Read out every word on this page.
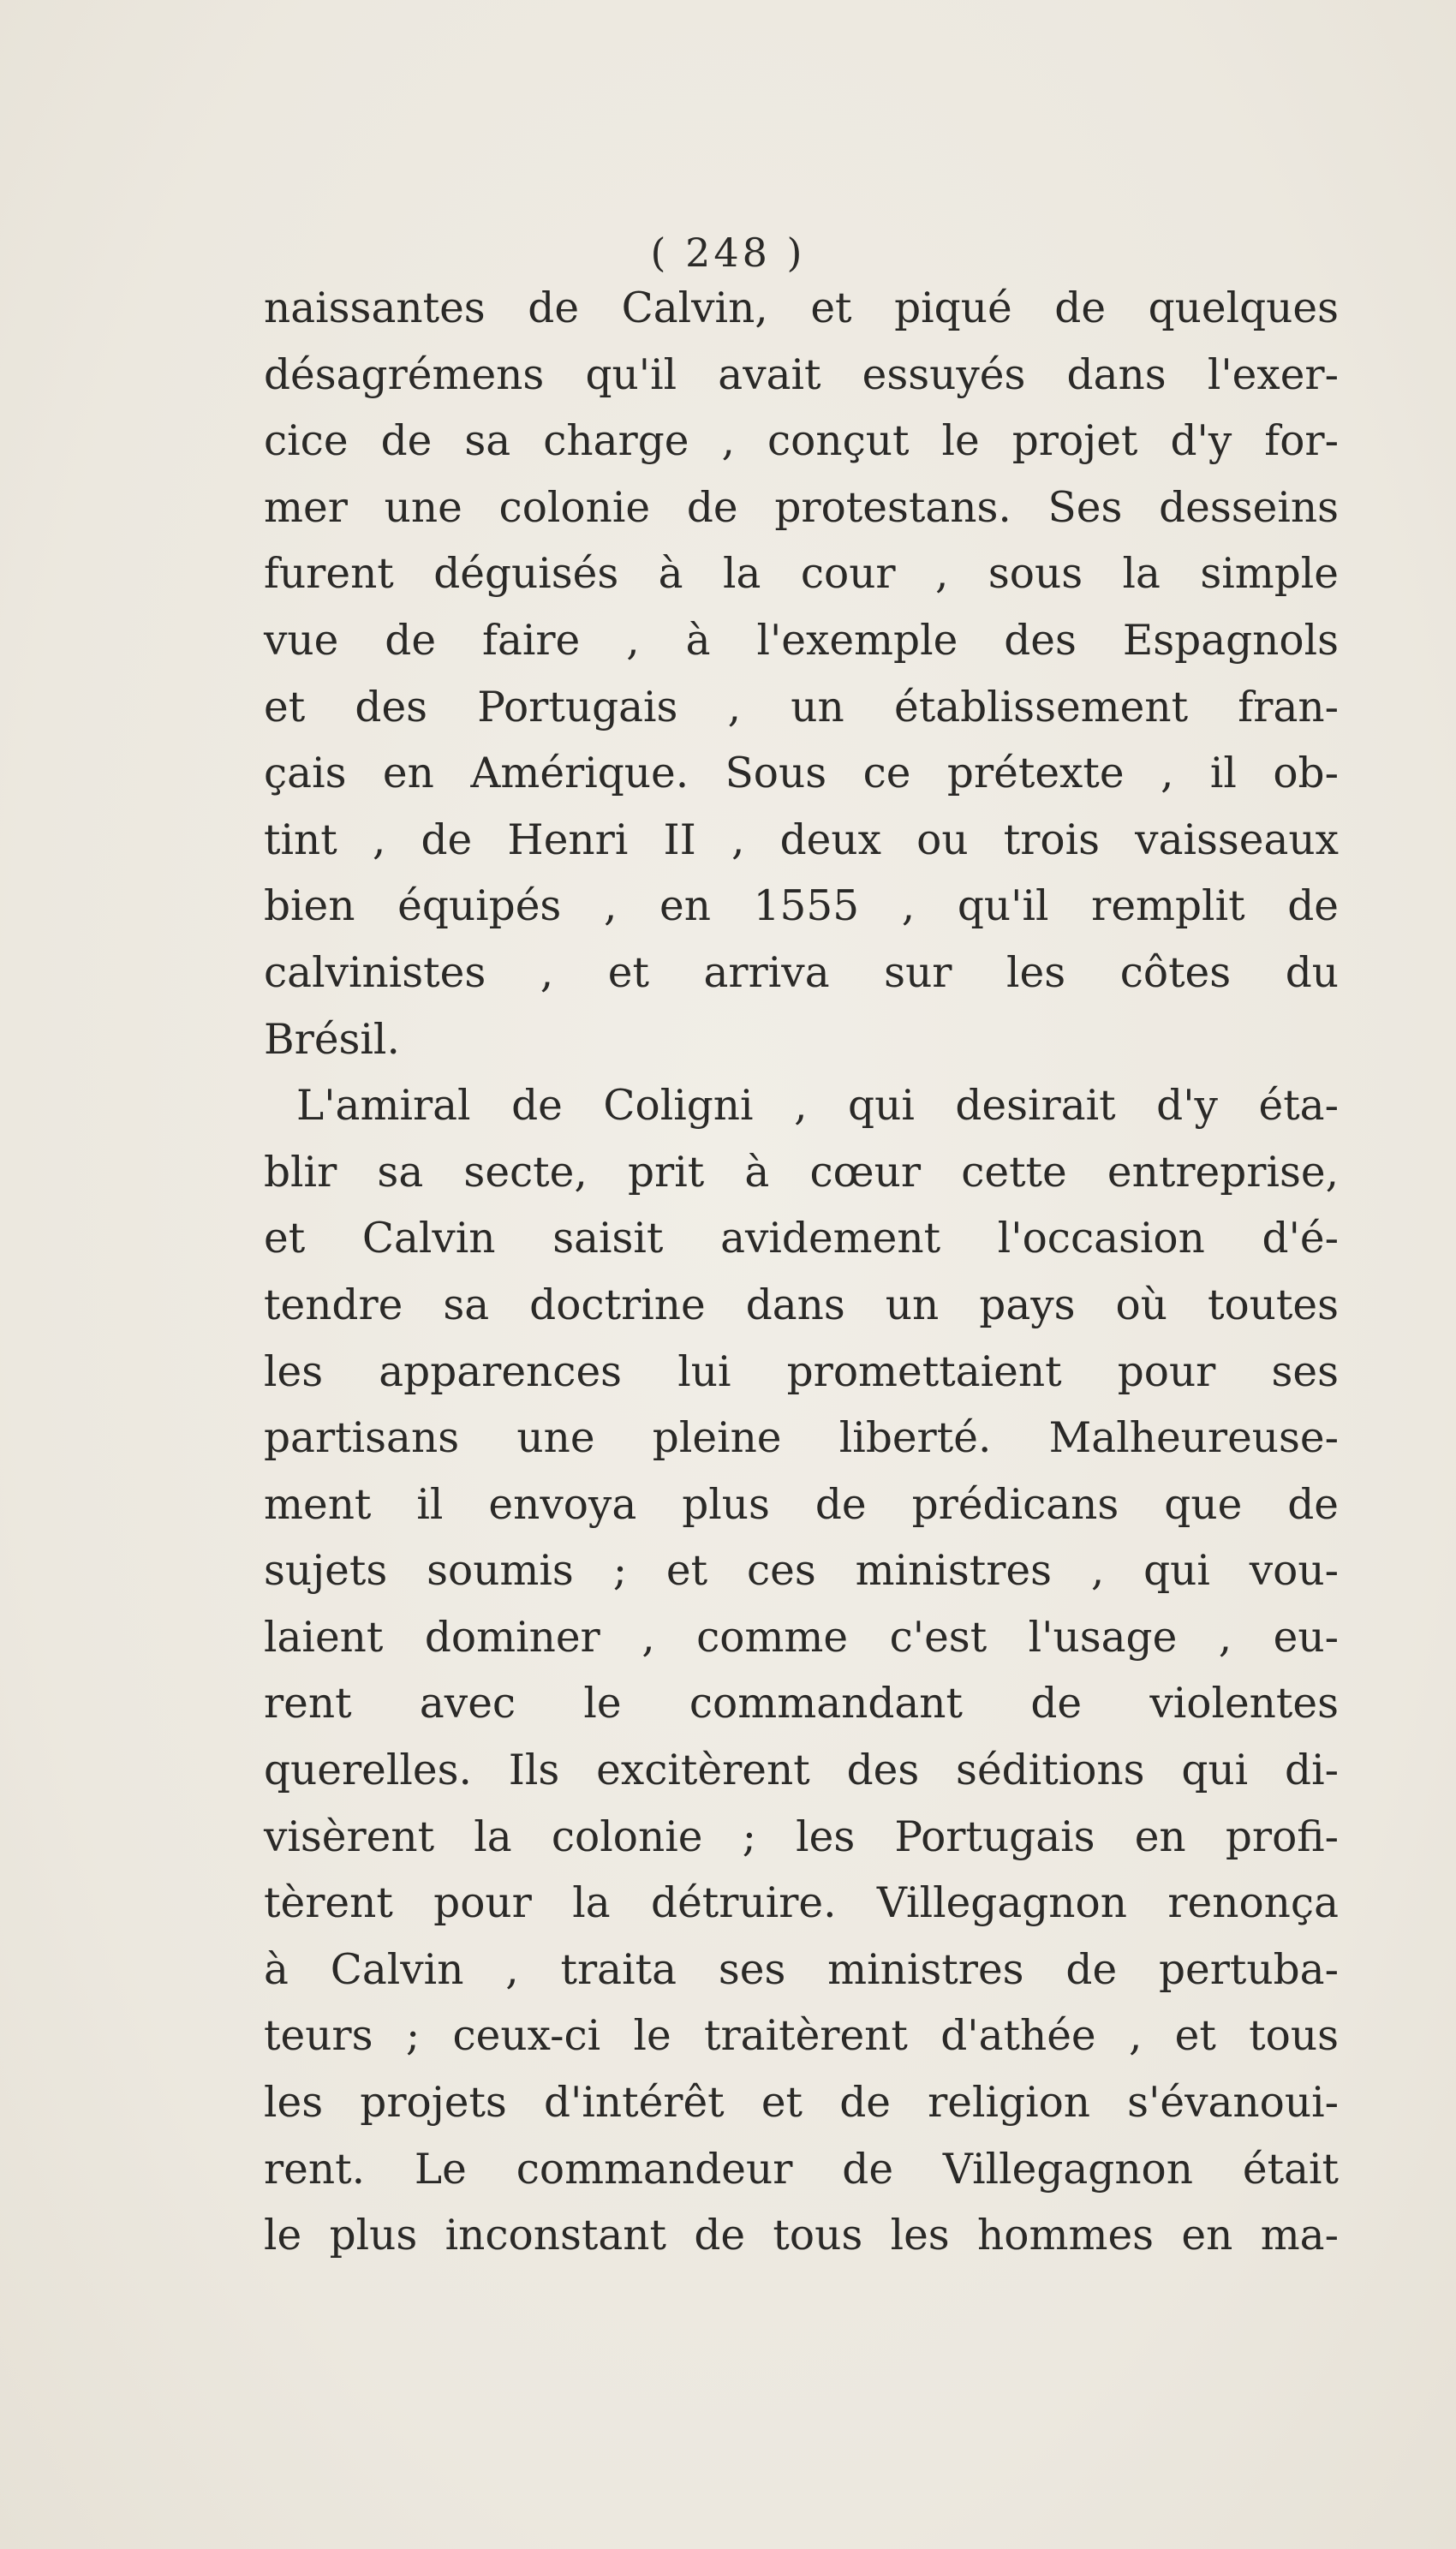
( 248 )
naissantes de Calvin, et piqué de quelques
désagrémens qu'il avait essuyés dans l'exer-
cice de sa charge , conçut le projet d'y for-
mer une colonie de protestans. Ses desseins
furent déguisés à la cour , sous la simple
vue de faire , à l'exemple des Espagnols
et des Portugais , un établissement fran-
çais en Amérique. Sous ce prétexte , il ob-
tint , de Henri II , deux ou trois vaisseaux
bien équipés , en 1555 , qu'il remplit de
calvinistes , et arriva sur les côtes du
Brésil.
L'amiral de Coligni , qui desirait d'y éta-
blir sa secte, prit à cœur cette entreprise,
et Calvin saisit avidement l'occasion d'é-
tendre sa doctrine dans un pays où toutes
les apparences lui promettaient pour ses
partisans une pleine liberté. Malheureuse-
ment il envoya plus de prédicans que de
sujets soumis ; et ces ministres , qui vou-
laient dominer , comme c'est l'usage , eu-
rent avec le commandant de violentes
querelles. Ils excitèrent des séditions qui di-
visèrent la colonie ; les Portugais en profi-
tèrent pour la détruire. Villegagnon renonça
à Calvin , traita ses ministres de pertuba-
teurs ; ceux-ci le traitèrent d'athée , et tous
les projets d'intérêt et de religion s'évanoui-
rent. Le commandeur de Villegagnon était
le plus inconstant de tous les hommes en ma-
